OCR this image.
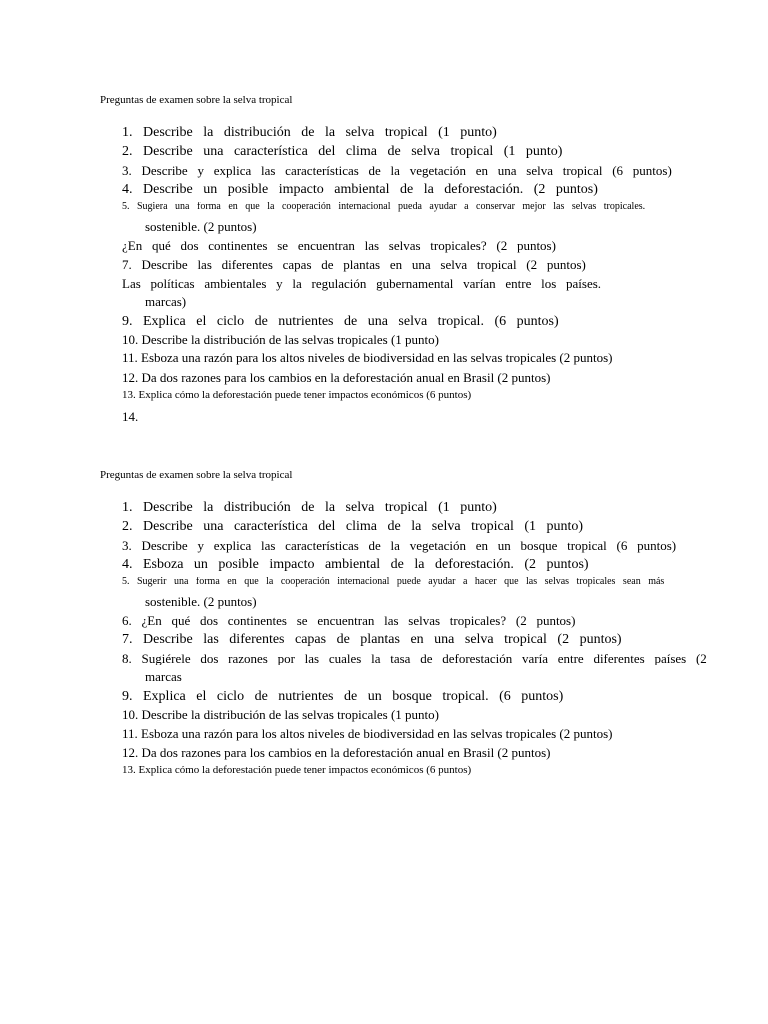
Preguntas de examen sobre la selva tropical
1.   Describe   la   distribución   de   la   selva   tropical   (1   punto)
2.   Describe   una   característica   del   clima   de   selva   tropical   (1   punto)
3.   Describe   y   explica   las   características   de   la   vegetación   en   una   selva   tropical   (6   puntos)
4.   Describe   un   posible   impacto   ambiental   de   la   deforestación.   (2   puntos)
5.   Sugiera   una   forma   en   que   la   cooperación   internacional   pueda   ayudar   a   conservar   mejor   las   selvas   tropicales.
sostenible. (2 puntos)
¿En   qué   dos   continentes   se   encuentran   las   selvas   tropicales?   (2   puntos)
7.   Describe   las   diferentes   capas   de   plantas   en   una   selva   tropical   (2   puntos)
Las   políticas   ambientales   y   la   regulación   gubernamental   varían   entre   los   países.
marcas)
9.   Explica   el   ciclo   de   nutrientes   de   una   selva   tropical.   (6   puntos)
10. Describe la distribución de las selvas tropicales (1 punto)
11. Esboza una razón para los altos niveles de biodiversidad en las selvas tropicales (2 puntos)
12. Da dos razones para los cambios en la deforestación anual en Brasil (2 puntos)
13. Explica cómo la deforestación puede tener impactos económicos (6 puntos)
14.
Preguntas de examen sobre la selva tropical
1.   Describe   la   distribución   de   la   selva   tropical   (1   punto)
2.   Describe   una   característica   del   clima   de   la   selva   tropical   (1   punto)
3.   Describe   y   explica   las   características   de   la   vegetación   en   un   bosque   tropical   (6   puntos)
4.   Esboza   un   posible   impacto   ambiental   de   la   deforestación.   (2   puntos)
5.   Sugerir   una   forma   en   que   la   cooperación   internacional   puede   ayudar   a   hacer   que   las   selvas   tropicales   sean   más
sostenible. (2 puntos)
6.   ¿En   qué   dos   continentes   se   encuentran   las   selvas   tropicales?   (2   puntos)
7.   Describe   las   diferentes   capas   de   plantas   en   una   selva   tropical   (2   puntos)
8.   Sugiérele   dos   razones   por   las   cuales   la   tasa   de   deforestación   varía   entre   diferentes   países   (2
marcas
9.   Explica   el   ciclo   de   nutrientes   de   un   bosque   tropical.   (6   puntos)
10. Describe la distribución de las selvas tropicales (1 punto)
11. Esboza una razón para los altos niveles de biodiversidad en las selvas tropicales (2 puntos)
12. Da dos razones para los cambios en la deforestación anual en Brasil (2 puntos)
13. Explica cómo la deforestación puede tener impactos económicos (6 puntos)
